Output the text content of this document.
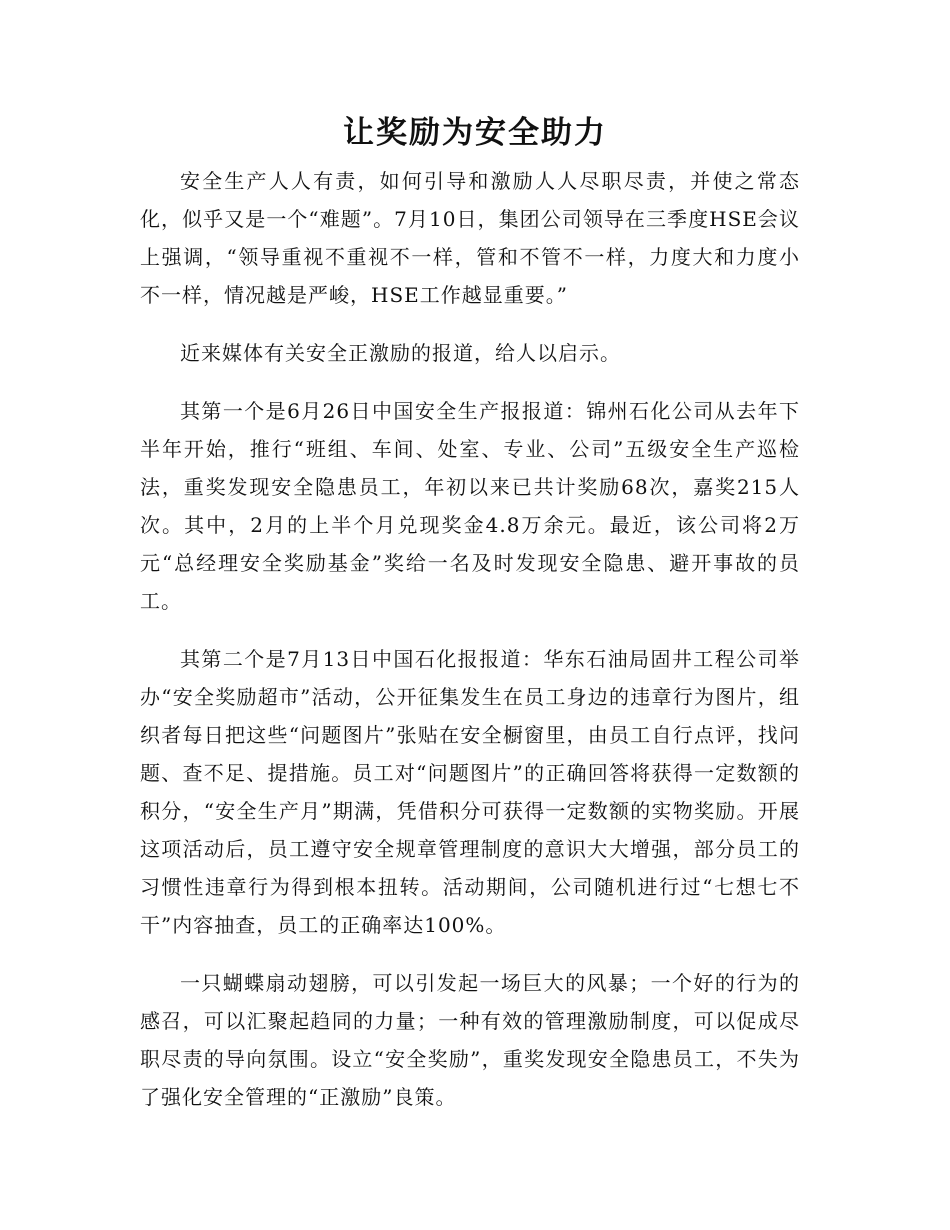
让奖励为安全助力

安全生产人人有责，如何引导和激励人人尽职尽责，并使之常态化，似乎又是一个“难题”。7月10日，集团公司领导在三季度HSE会议上强调，“领导重视不重视不一样，管和不管不一样，力度大和力度小不一样，情况越是严峻，HSE工作越显重要。”

近来媒体有关安全正激励的报道，给人以启示。

其第一个是6月26日中国安全生产报报道：锦州石化公司从去年下半年开始，推行“班组、车间、处室、专业、公司”五级安全生产巡检法，重奖发现安全隐患员工，年初以来已共计奖励68次，嘉奖215人次。其中，2月的上半个月兑现奖金4.8万余元。最近，该公司将2万元“总经理安全奖励基金”奖给一名及时发现安全隐患、避开事故的员工。

其第二个是7月13日中国石化报报道：华东石油局固井工程公司举办“安全奖励超市”活动，公开征集发生在员工身边的违章行为图片，组织者每日把这些“问题图片”张贴在安全橱窗里，由员工自行点评，找问题、查不足、提措施。员工对“问题图片”的正确回答将获得一定数额的积分，“安全生产月”期满，凭借积分可获得一定数额的实物奖励。开展这项活动后，员工遵守安全规章管理制度的意识大大增强，部分员工的习惯性违章行为得到根本扭转。活动期间，公司随机进行过“七想七不干”内容抽查，员工的正确率达100%。

一只蝴蝶扇动翅膀，可以引发起一场巨大的风暴；一个好的行为的感召，可以汇聚起趋同的力量；一种有效的管理激励制度，可以促成尽职尽责的导向氛围。设立“安全奖励”，重奖发现安全隐患员工，不失为了强化安全管理的“正激励”良策。
